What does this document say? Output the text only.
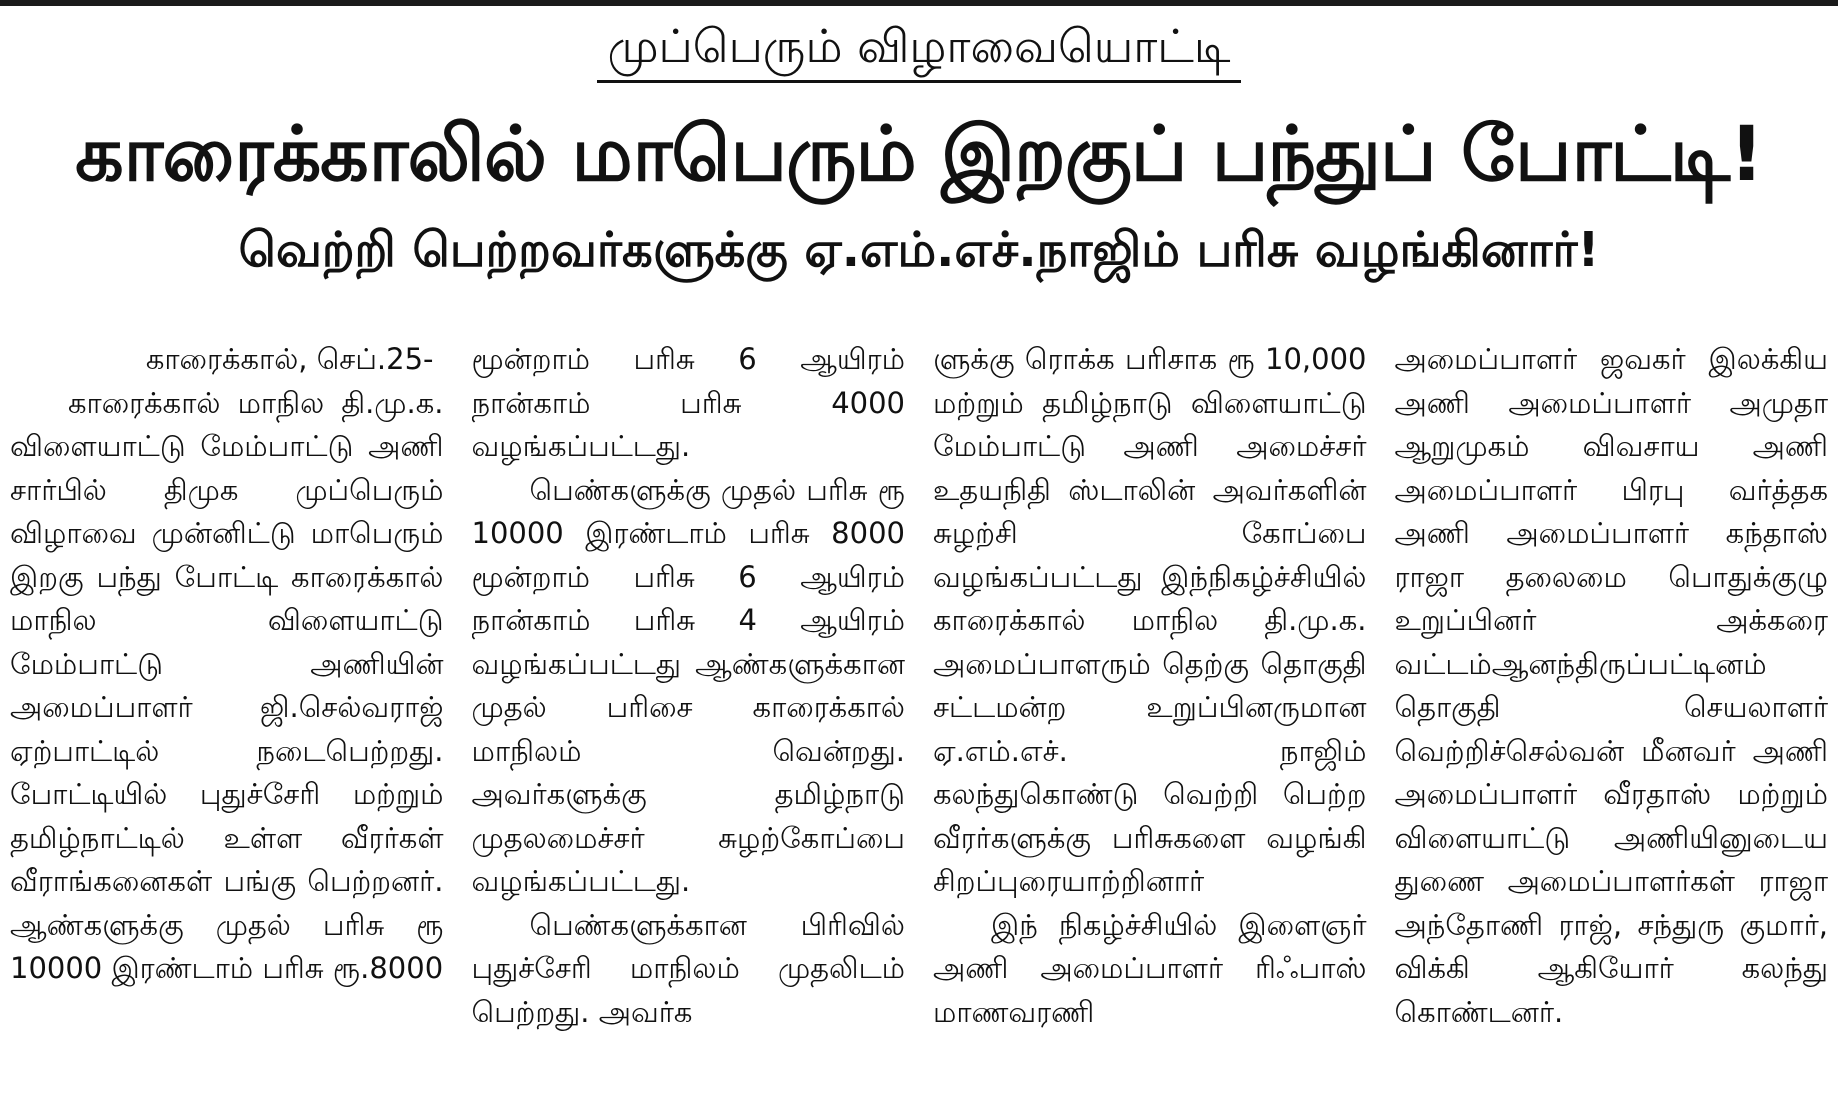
முப்பெரும் விழாவையொட்டி
காரைக்காலில் மாபெரும் இறகுப் பந்துப் போட்டி!
வெற்றி பெற்றவர்களுக்கு ஏ.எம்.எச்.நாஜிம் பரிசு வழங்கினார்!
காரைக்கால், செப்.25-

காரைக்கால் மாநில தி.மு.க. விளையாட்டு மேம்பாட்டு அணி சார்பில் திமுக முப்பெரும் விழாவை முன்னிட்டு மாபெரும் இறகு பந்து போட்டி காரைக்கால் மாநில விளையாட்டு மேம்பாட்டு அணியின் அமைப்பாளர் ஜி.செல்வராஜ் ஏற்பாட்டில் நடைபெற்றது. போட்டியில் புதுச்சேரி மற்றும் தமிழ்நாட்டில் உள்ள வீரர்கள் வீராங்கனைகள் பங்கு பெற்றனர். ஆண்களுக்கு முதல் பரிசு ரூ 10000 இரண்டாம் பரிசு ரூ.8000

மூன்றாம் பரிசு 6 ஆயிரம் நான்காம் பரிசு 4000 வழங்கப்பட்டது.

பெண்களுக்கு முதல் பரிசு ரூ 10000 இரண்டாம் பரிசு 8000 மூன்றாம் பரிசு 6 ஆயிரம் நான்காம் பரிசு 4 ஆயிரம் வழங்கப்பட்டது ஆண்களுக்கான முதல் பரிசை காரைக்கால் மாநிலம் வென்றது. அவர்களுக்கு தமிழ்நாடு முதலமைச்சர் சுழற்கோப்பை வழங்கப்பட்டது.

பெண்களுக்கான பிரிவில் புதுச்சேரி மாநிலம் முதலிடம் பெற்றது. அவர்க

ளுக்கு ரொக்க பரிசாக ரூ 10,000 மற்றும் தமிழ்நாடு விளையாட்டு மேம்பாட்டு அணி அமைச்சர் உதயநிதி ஸ்டாலின் அவர்களின் சுழற்சி கோப்பை வழங்கப்பட்டது இந்நிகழ்ச்சியில் காரைக்கால் மாநில தி.மு.க. அமைப்பாளரும் தெற்கு தொகுதி சட்டமன்ற உறுப்பினருமான ஏ.எம்.எச். நாஜிம் கலந்துகொண்டு வெற்றி பெற்ற வீரர்களுக்கு பரிசுகளை வழங்கி சிறப்புரையாற்றினார்

இந் நிகழ்ச்சியில் இளைஞர் அணி அமைப்பாளர் ரிஃபாஸ் மாணவரணி

அமைப்பாளர் ஜவகர் இலக்கிய அணி அமைப்பாளர் அமுதா ஆறுமுகம் விவசாய அணி அமைப்பாளர் பிரபு வர்த்தக அணி அமைப்பாளர் கந்தாஸ் ராஜா தலைமை பொதுக்குழு உறுப்பினர் அக்கரை வட்டம்ஆனந்திருப்பட்டினம் தொகுதி செயலாளர் வெற்றிச்செல்வன் மீனவர் அணி அமைப்பாளர் வீரதாஸ் மற்றும் விளையாட்டு அணியினுடைய துணை அமைப்பாளர்கள் ராஜா அந்தோணி ராஜ், சந்துரு குமார், விக்கி ஆகியோர் கலந்து கொண்டனர்.
